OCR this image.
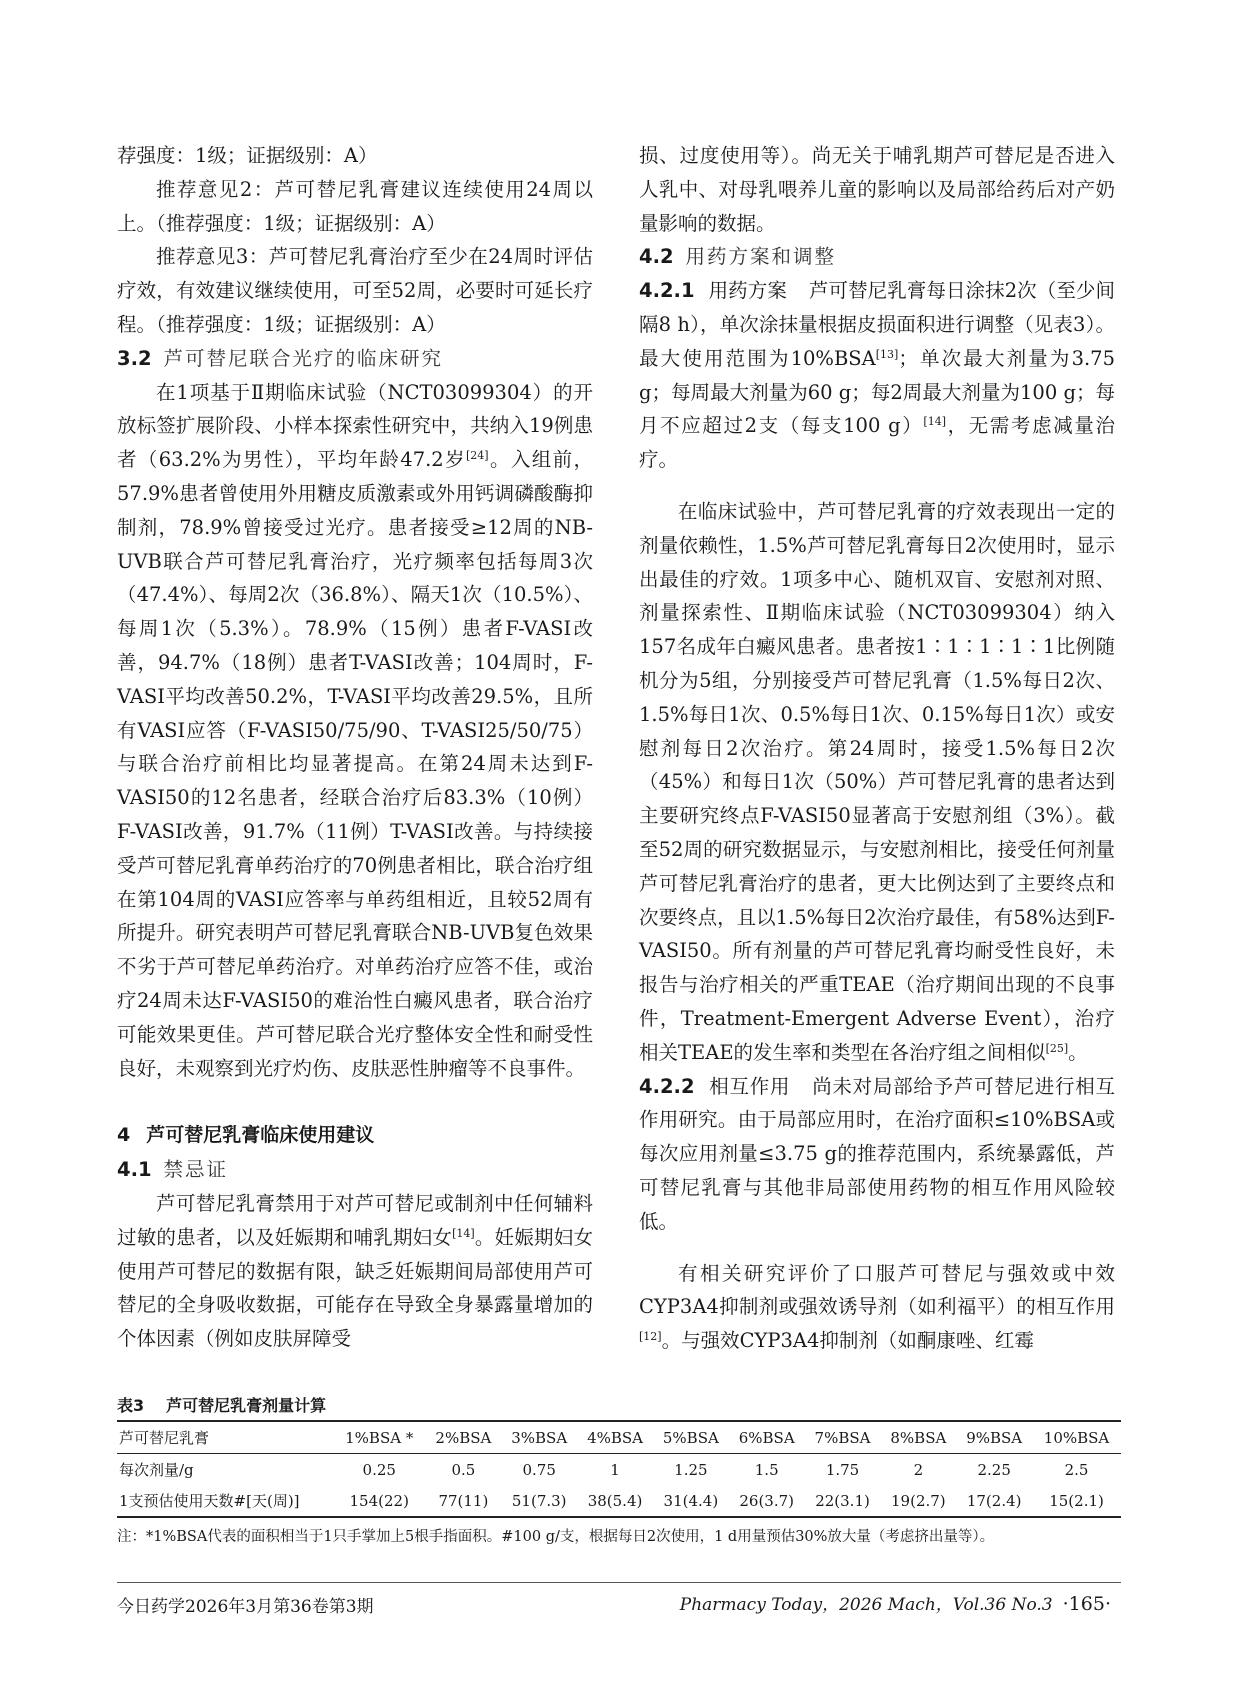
荐强度：1级；证据级别：A）

推荐意见2：芦可替尼乳膏建议连续使用24周以上。（推荐强度：1级；证据级别：A）

推荐意见3：芦可替尼乳膏治疗至少在24周时评估疗效，有效建议继续使用，可至52周，必要时可延长疗程。（推荐强度：1级；证据级别：A）

3.2 芦可替尼联合光疗的临床研究

在1项基于Ⅱ期临床试验（NCT03099304）的开放标签扩展阶段、小样本探索性研究中，共纳入19例患者（63.2%为男性），平均年龄47.2岁[24]。入组前，57.9%患者曾使用外用糖皮质激素或外用钙调磷酸酶抑制剂，78.9%曾接受过光疗。患者接受≥12周的NB-UVB联合芦可替尼乳膏治疗，光疗频率包括每周3次（47.4%）、每周2次（36.8%）、隔天1次（10.5%）、每周1次（5.3%）。78.9%（15例）患者F-VASI改善，94.7%（18例）患者T-VASI改善；104周时，F-VASI平均改善50.2%，T-VASI平均改善29.5%，且所有VASI应答（F-VASI50/75/90、T-VASI25/50/75）与联合治疗前相比均显著提高。在第24周未达到F-VASI50的12名患者，经联合治疗后83.3%（10例）F-VASI改善，91.7%（11例）T-VASI改善。与持续接受芦可替尼乳膏单药治疗的70例患者相比，联合治疗组在第104周的VASI应答率与单药组相近，且较52周有所提升。研究表明芦可替尼乳膏联合NB-UVB复色效果不劣于芦可替尼单药治疗。对单药治疗应答不佳，或治疗24周未达F-VASI50的难治性白癜风患者，联合治疗可能效果更佳。芦可替尼联合光疗整体安全性和耐受性良好，未观察到光疗灼伤、皮肤恶性肿瘤等不良事件。

4 芦可替尼乳膏临床使用建议

4.1 禁忌证

芦可替尼乳膏禁用于对芦可替尼或制剂中任何辅料过敏的患者，以及妊娠期和哺乳期妇女[14]。妊娠期妇女使用芦可替尼的数据有限，缺乏妊娠期间局部使用芦可替尼的全身吸收数据，可能存在导致全身暴露量增加的个体因素（例如皮肤屏障受

损、过度使用等）。尚无关于哺乳期芦可替尼是否进入人乳中、对母乳喂养儿童的影响以及局部给药后对产奶量影响的数据。

4.2 用药方案和调整

4.2.1 用药方案 芦可替尼乳膏每日涂抹2次（至少间隔8 h），单次涂抹量根据皮损面积进行调整（见表3）。最大使用范围为10%BSA[13]；单次最大剂量为3.75 g；每周最大剂量为60 g；每2周最大剂量为100 g；每月不应超过2支（每支100 g）[14]，无需考虑减量治疗。

在临床试验中，芦可替尼乳膏的疗效表现出一定的剂量依赖性，1.5%芦可替尼乳膏每日2次使用时，显示出最佳的疗效。1项多中心、随机双盲、安慰剂对照、剂量探索性、Ⅱ期临床试验（NCT03099304）纳入157名成年白癜风患者。患者按1∶1∶1∶1∶1比例随机分为5组，分别接受芦可替尼乳膏（1.5%每日2次、1.5%每日1次、0.5%每日1次、0.15%每日1次）或安慰剂每日2次治疗。第24周时，接受1.5%每日2次（45%）和每日1次（50%）芦可替尼乳膏的患者达到主要研究终点F-VASI50显著高于安慰剂组（3%）。截至52周的研究数据显示，与安慰剂相比，接受任何剂量芦可替尼乳膏治疗的患者，更大比例达到了主要终点和次要终点，且以1.5%每日2次治疗最佳，有58%达到F-VASI50。所有剂量的芦可替尼乳膏均耐受性良好，未报告与治疗相关的严重TEAE（治疗期间出现的不良事件，Treatment-Emergent Adverse Event），治疗相关TEAE的发生率和类型在各治疗组之间相似[25]。

4.2.2 相互作用 尚未对局部给予芦可替尼进行相互作用研究。由于局部应用时，在治疗面积≤10%BSA或每次应用剂量≤3.75 g的推荐范围内，系统暴露低，芦可替尼乳膏与其他非局部使用药物的相互作用风险较低。

有相关研究评价了口服芦可替尼与强效或中效CYP3A4抑制剂或强效诱导剂（如利福平）的相互作用[12]。与强效CYP3A4抑制剂（如酮康唑、红霉

表3 芦可替尼乳膏剂量计算
芦可替尼乳膏	1%BSA *	2%BSA	3%BSA	4%BSA	5%BSA	6%BSA	7%BSA	8%BSA	9%BSA	10%BSA
每次剂量/g	0.25	0.5	0.75	1	1.25	1.5	1.75	2	2.25	2.5
1支预估使用天数#[天(周)]	154(22)	77(11)	51(7.3)	38(5.4)	31(4.4)	26(3.7)	22(3.1)	19(2.7)	17(2.4)	15(2.1)
注：*1%BSA代表的面积相当于1只手掌加上5根手指面积。#100 g/支，根据每日2次使用，1 d用量预估30%放大量（考虑挤出量等）。
今日药学2026年3月第36卷第3期	Pharmacy Today，2026 Mach，Vol.36 No.3 ·165·
